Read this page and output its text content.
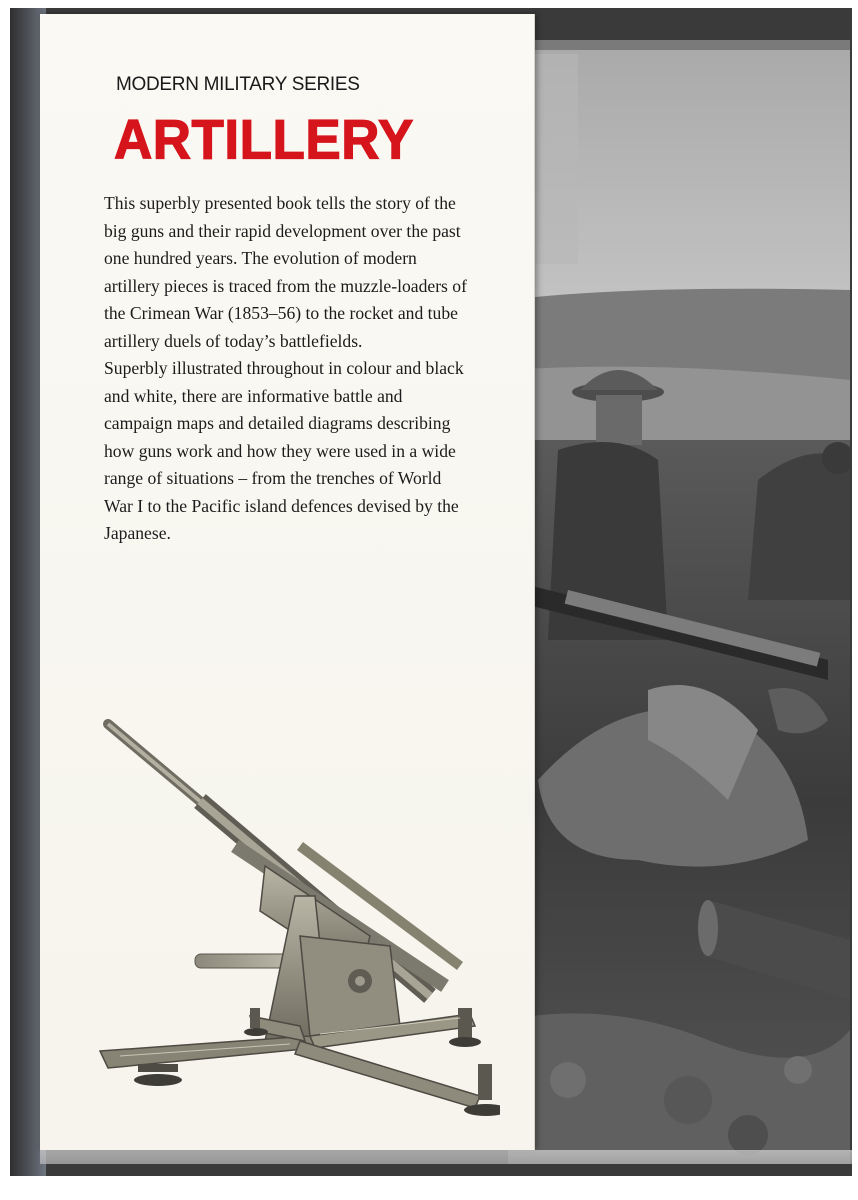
MODERN MILITARY SERIES
ARTILLERY

This superbly presented book tells the story of the big guns and their rapid development over the past one hundred years. The evolution of modern artillery pieces is traced from the muzzle-loaders of the Crimean War (1853–56) to the rocket and tube artillery duels of today’s battlefields.

Superbly illustrated throughout in colour and black and white, there are informative battle and campaign maps and detailed diagrams describing how guns work and how they were used in a wide range of situations – from the trenches of World War I to the Pacific island defences devised by the Japanese.
